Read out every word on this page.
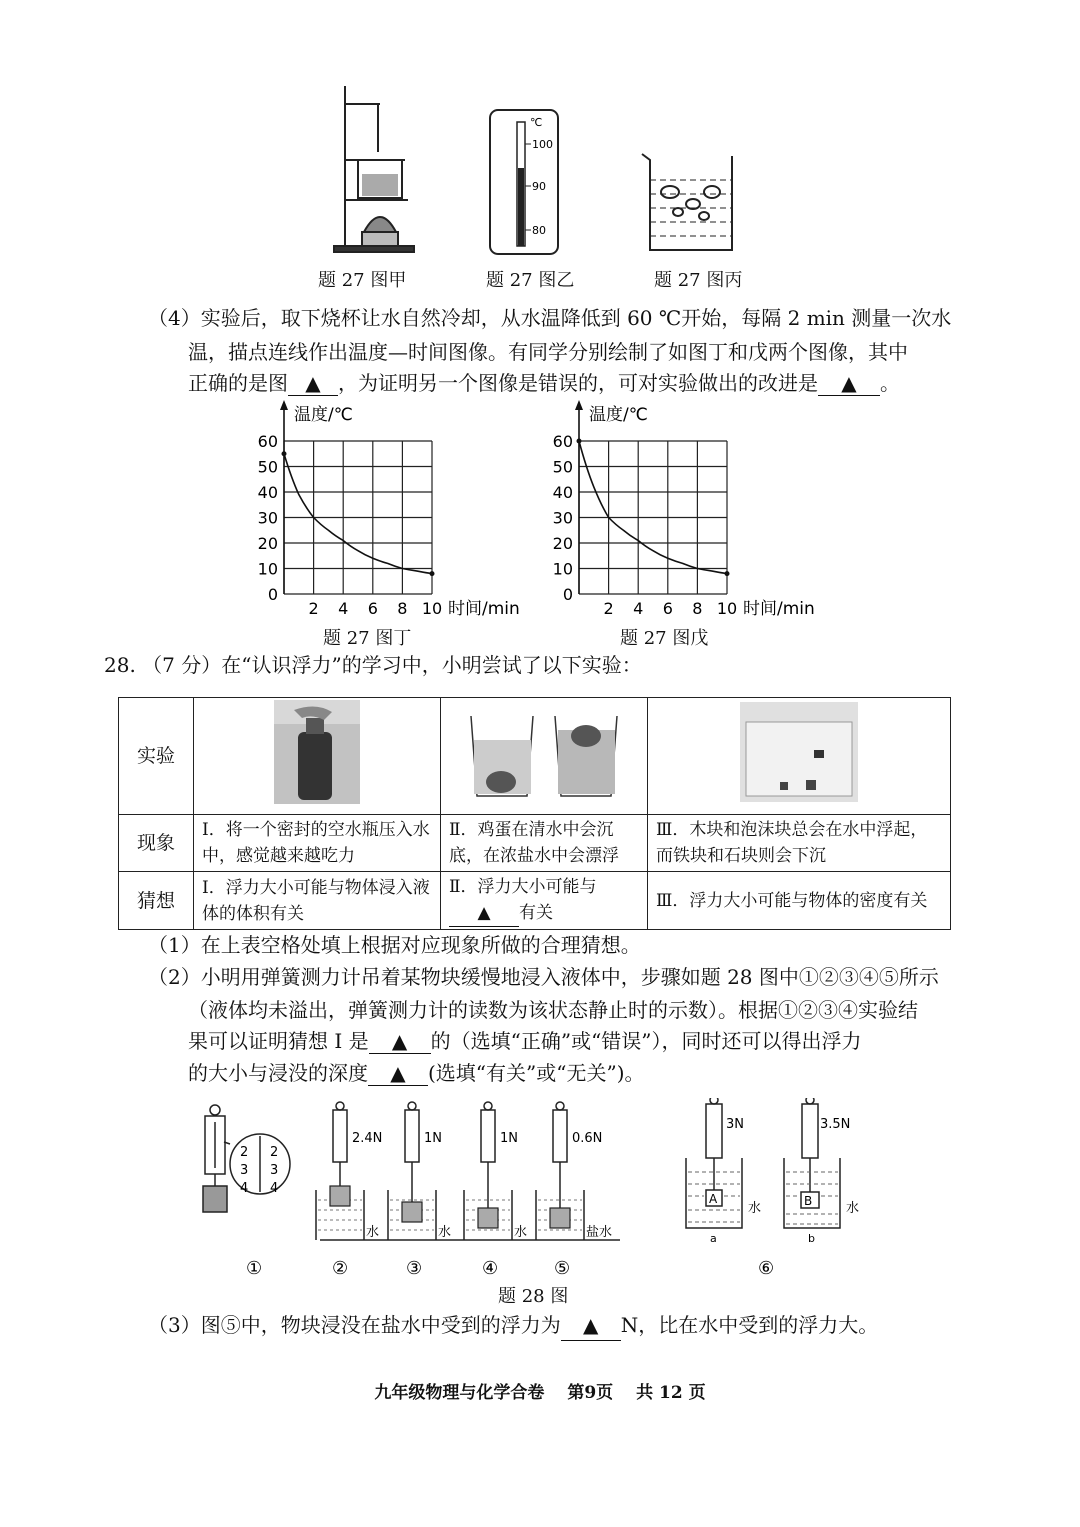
℃
100
90
80
题 27 图甲	题 27 图乙	题 27 图丙
（4）实验后，取下烧杯让水自然冷却，从水温降低到 60 ℃开始，每隔 2 min 测量一次水
温，描点连线作出温度—时间图像。有同学分别绘制了如图丁和戊两个图像，其中
正确的是图 ▲ ，为证明另一个图像是错误的，可对实验做出的改进是 ▲ 。
0
10
20
30
40
50
60
2 4 6 8 10
温度/℃
时间/min
0
10
20
30
40
50
60
2 4 6 8 10
温度/℃
时间/min
题 27 图丁	题 27 图戊
28. （7 分）在“认识浮力”的学习中，小明尝试了以下实验：
实验			
现象	Ⅰ．将一个密封的空水瓶压入水中，感觉越来越吃力	Ⅱ．鸡蛋在清水中会沉底，在浓盐水中会漂浮	Ⅲ．木块和泡沫块总会在水中浮起，而铁块和石块则会下沉
猜想	Ⅰ．浮力大小可能与物体浸入液体的体积有关	Ⅱ．浮力大小可能与
▲ 有关	Ⅲ．浮力大小可能与物体的密度有关
（1）在上表空格处填上根据对应现象所做的合理猜想。
（2）小明用弹簧测力计吊着某物块缓慢地浸入液体中，步骤如题 28 图中①②③④⑤所示
（液体均未溢出，弹簧测力计的读数为该状态静止时的示数）。根据①②③④实验结
果可以证明猜想 Ⅰ 是 ▲ 的（选填“正确”或“错误”），同时还可以得出浮力
的大小与浸没的深度 ▲ (选填“有关”或“无关”)。
2
3
4
2
3
4
2.4N
水
1N
水
1N
水
0.6N
盐水
3N	3.5N
A	B
水	水
a	b
①	②	③	④	⑤	⑥
题 28 图
（3）图⑤中，物块浸没在盐水中受到的浮力为 ▲ N，比在水中受到的浮力大。
九年级物理与化学合卷　 第9页　 共 12 页
